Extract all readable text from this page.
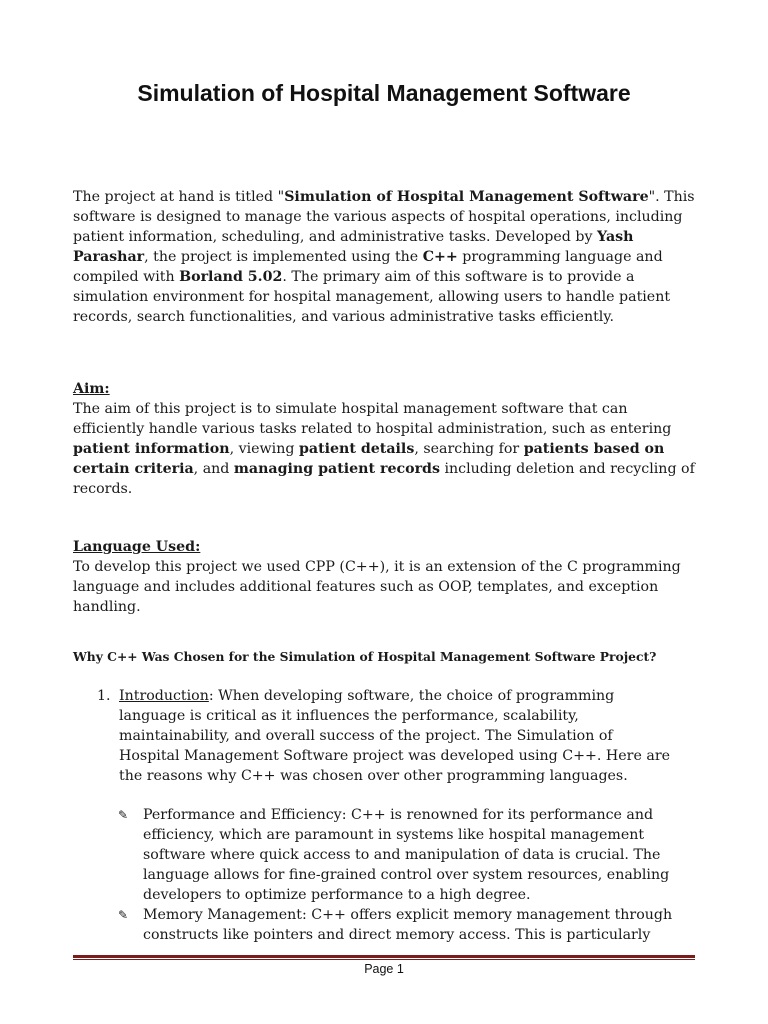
Simulation of Hospital Management Software
The project at hand is titled "Simulation of Hospital Management Software". This software is designed to manage the various aspects of hospital operations, including patient information, scheduling, and administrative tasks. Developed by Yash Parashar, the project is implemented using the C++ programming language and compiled with Borland 5.02. The primary aim of this software is to provide a simulation environment for hospital management, allowing users to handle patient records, search functionalities, and various administrative tasks efficiently.
Aim:
The aim of this project is to simulate hospital management software that can efficiently handle various tasks related to hospital administration, such as entering patient information, viewing patient details, searching for patients based on certain criteria, and managing patient records including deletion and recycling of records.
Language Used:
To develop this project we used CPP (C++), it is an extension of the C programming language and includes additional features such as OOP, templates, and exception handling.
Why C++ Was Chosen for the Simulation of Hospital Management Software Project?
1. Introduction: When developing software, the choice of programming language is critical as it influences the performance, scalability, maintainability, and overall success of the project. The Simulation of Hospital Management Software project was developed using C++. Here are the reasons why C++ was chosen over other programming languages.
✎ Performance and Efficiency: C++ is renowned for its performance and efficiency, which are paramount in systems like hospital management software where quick access to and manipulation of data is crucial. The language allows for fine-grained control over system resources, enabling developers to optimize performance to a high degree.
✎ Memory Management: C++ offers explicit memory management through constructs like pointers and direct memory access. This is particularly
Page 1
